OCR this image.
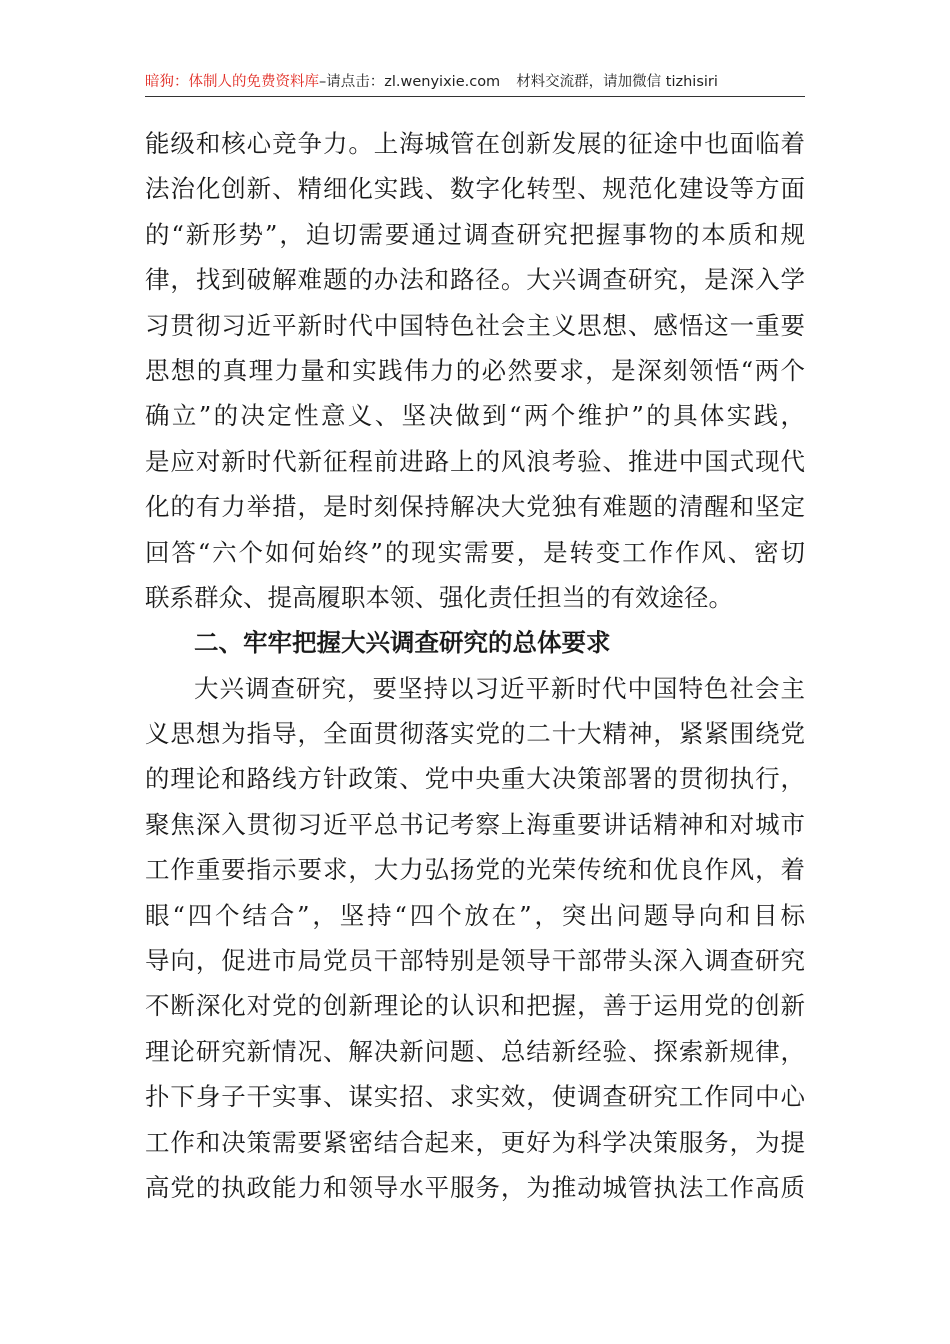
暗狗：体制人的免费资料库 –请点击：zl.wenyixie.com 材料交流群，请加微信 tizhisiri
能级和核心竞争力。上海城管在创新发展的征途中也面临着
法治化创新、精细化实践、数字化转型、规范化建设等方面
的“新形势”，迫切需要通过调查研究把握事物的本质和规
律，找到破解难题的办法和路径。大兴调查研究，是深入学
习贯彻习近平新时代中国特色社会主义思想、感悟这一重要
思想的真理力量和实践伟力的必然要求，是深刻领悟“两个
确立”的决定性意义、坚决做到“两个维护”的具体实践，
是应对新时代新征程前进路上的风浪考验、推进中国式现代
化的有力举措，是时刻保持解决大党独有难题的清醒和坚定
回答“六个如何始终”的现实需要，是转变工作作风、密切
联系群众、提高履职本领、强化责任担当的有效途径。
二、牢牢把握大兴调查研究的总体要求
大兴调查研究，要坚持以习近平新时代中国特色社会主
义思想为指导，全面贯彻落实党的二十大精神，紧紧围绕党
的理论和路线方针政策、党中央重大决策部署的贯彻执行，
聚焦深入贯彻习近平总书记考察上海重要讲话精神和对城市
工作重要指示要求，大力弘扬党的光荣传统和优良作风，着
眼“四个结合”，坚持“四个放在”，突出问题导向和目标
导向，促进市局党员干部特别是领导干部带头深入调查研究
不断深化对党的创新理论的认识和把握，善于运用党的创新
理论研究新情况、解决新问题、总结新经验、探索新规律，
扑下身子干实事、谋实招、求实效，使调查研究工作同中心
工作和决策需要紧密结合起来，更好为科学决策服务，为提
高党的执政能力和领导水平服务，为推动城管执法工作高质
